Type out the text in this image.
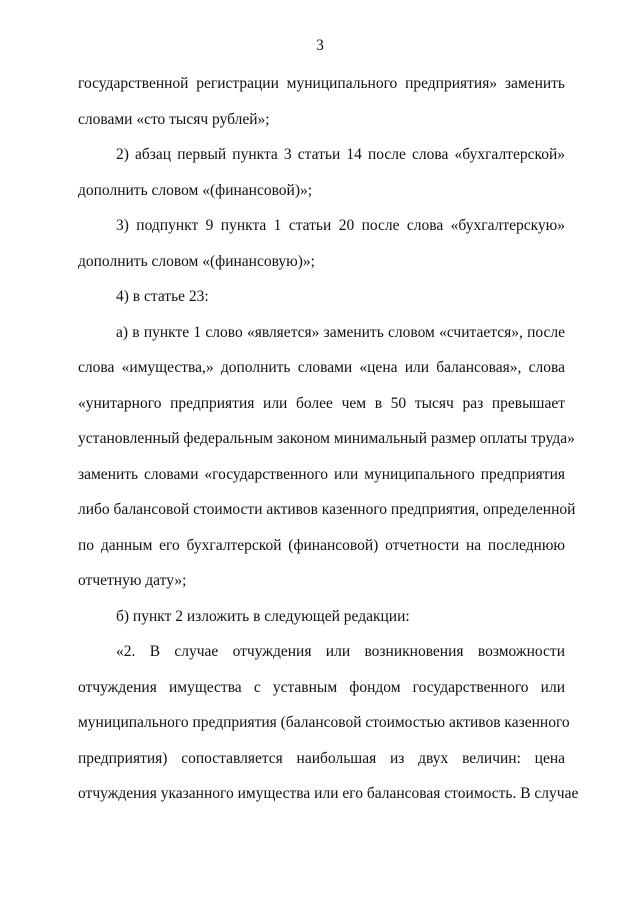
3
государственной регистрации муниципального предприятия» заменить
словами «сто тысяч рублей»;
2) абзац первый пункта 3 статьи 14 после слова «бухгалтерской»
дополнить словом «(финансовой)»;
3) подпункт 9 пункта 1 статьи 20 после слова «бухгалтерскую»
дополнить словом «(финансовую)»;
4) в статье 23:
а) в пункте 1 слово «является» заменить словом «считается», после
слова «имущества,» дополнить словами «цена или балансовая», слова
«унитарного предприятия или более чем в 50 тысяч раз превышает
установленный федеральным законом минимальный размер оплаты труда»
заменить словами «государственного или муниципального предприятия
либо балансовой стоимости активов казенного предприятия, определенной
по данным его бухгалтерской (финансовой) отчетности на последнюю
отчетную дату»;
б) пункт 2 изложить в следующей редакции:
«2. В случае отчуждения или возникновения возможности
отчуждения имущества с уставным фондом государственного или
муниципального предприятия (балансовой стоимостью активов казенного
предприятия) сопоставляется наибольшая из двух величин: цена
отчуждения указанного имущества или его балансовая стоимость. В случае
